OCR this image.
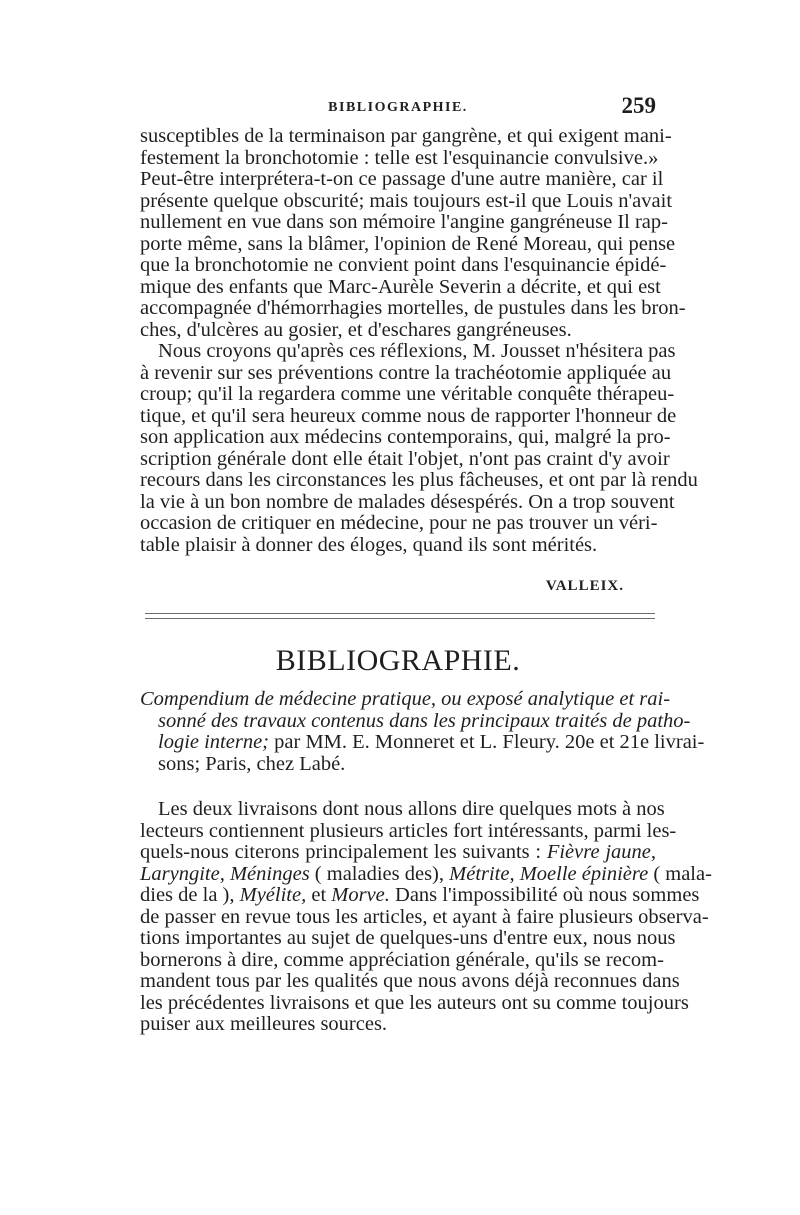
BIBLIOGRAPHIE.	259
susceptibles de la terminaison par gangrène, et qui exigent mani-
festement la bronchotomie : telle est l'esquinancie convulsive.»
Peut-être interprétera-t-on ce passage d'une autre manière, car il
présente quelque obscurité; mais toujours est-il que Louis n'avait
nullement en vue dans son mémoire l'angine gangréneuse Il rap-
porte même, sans la blâmer, l'opinion de René Moreau, qui pense
que la bronchotomie ne convient point dans l'esquinancie épidé-
mique des enfants que Marc-Aurèle Severin a décrite, et qui est
accompagnée d'hémorrhagies mortelles, de pustules dans les bron-
ches, d'ulcères au gosier, et d'eschares gangréneuses.
Nous croyons qu'après ces réflexions, M. Jousset n'hésitera pas
à revenir sur ses préventions contre la trachéotomie appliquée au
croup; qu'il la regardera comme une véritable conquête thérapeu-
tique, et qu'il sera heureux comme nous de rapporter l'honneur de
son application aux médecins contemporains, qui, malgré la pro-
scription générale dont elle était l'objet, n'ont pas craint d'y avoir
recours dans les circonstances les plus fâcheuses, et ont par là rendu
la vie à un bon nombre de malades désespérés. On a trop souvent
occasion de critiquer en médecine, pour ne pas trouver un véri-
table plaisir à donner des éloges, quand ils sont mérités.
VALLEIX.
BIBLIOGRAPHIE.
Compendium de médecine pratique, ou exposé analytique et rai-
sonné des travaux contenus dans les principaux traités de patho-
logie interne; par MM. E. Monneret et L. Fleury. 20e et 21e livrai-
sons; Paris, chez Labé.
Les deux livraisons dont nous allons dire quelques mots à nos
lecteurs contiennent plusieurs articles fort intéressants, parmi les-
quels-nous citerons principalement les suivants : Fièvre jaune,
Laryngite, Méninges ( maladies des), Métrite, Moelle épinière ( mala-
dies de la ), Myélite, et Morve. Dans l'impossibilité où nous sommes
de passer en revue tous les articles, et ayant à faire plusieurs observa-
tions importantes au sujet de quelques-uns d'entre eux, nous nous
bornerons à dire, comme appréciation générale, qu'ils se recom-
mandent tous par les qualités que nous avons déjà reconnues dans
les précédentes livraisons et que les auteurs ont su comme toujours
puiser aux meilleures sources.
